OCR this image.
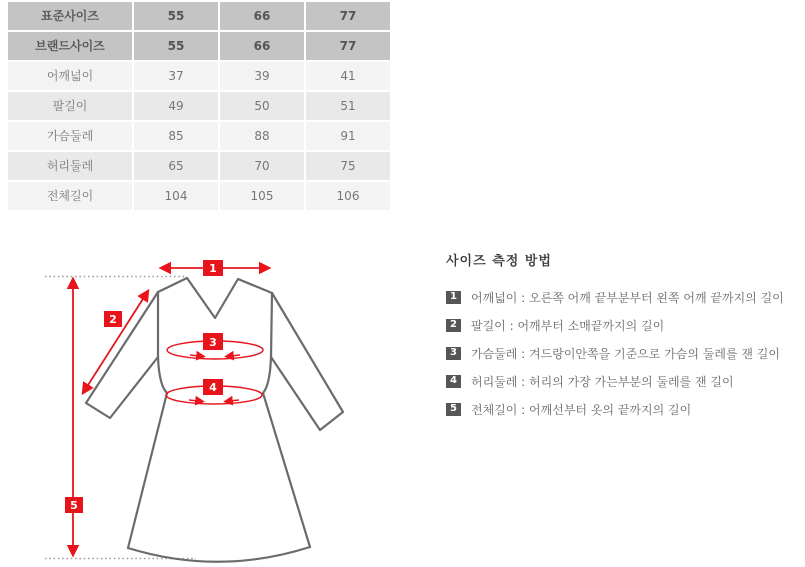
표준사이즈	55	66	77
브랜드사이즈	55	66	77
어깨넓이	37	39	41
팔길이	49	50	51
가슴둘레	85	88	91
허리둘레	65	70	75
전체길이	104	105	106
1
2
3
4
5
사이즈 측정 방법
1	어깨넓이 : 오른쪽 어깨 끝부분부터 왼쪽 어깨 끝까지의 길이
2	팔길이 : 어깨부터 소매끝까지의 길이
3	가슴둘레 : 겨드랑이안쪽을 기준으로 가슴의 둘레를 잰 길이
4	허리둘레 : 허리의 가장 가는부분의 둘레를 잰 길이
5	전체길이 : 어깨선부터 옷의 끝까지의 길이
